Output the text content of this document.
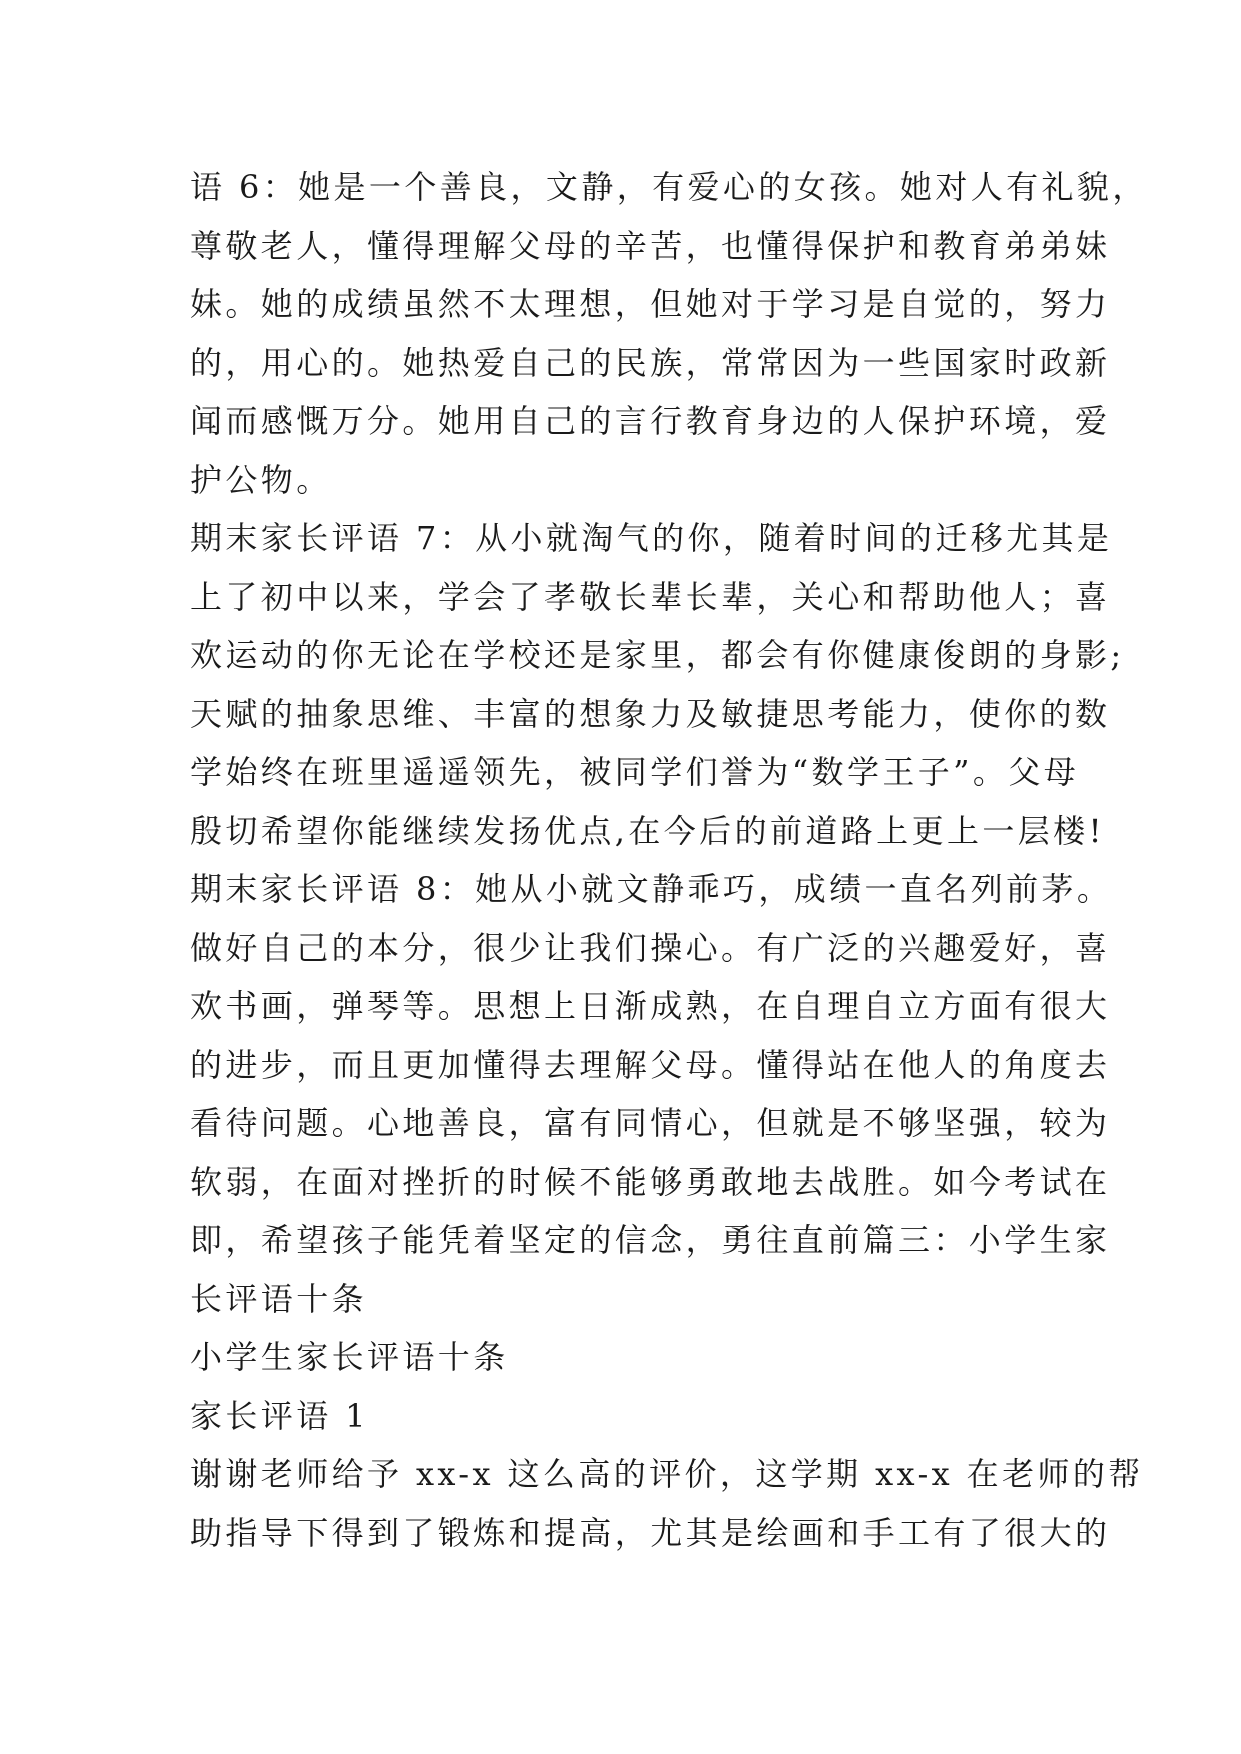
语 6：她是一个善良，文静，有爱心的女孩。她对人有礼貌，
尊敬老人，懂得理解父母的辛苦，也懂得保护和教育弟弟妹
妹。她的成绩虽然不太理想，但她对于学习是自觉的，努力
的，用心的。她热爱自己的民族，常常因为一些国家时政新
闻而感慨万分。她用自己的言行教育身边的人保护环境，爱
护公物。
期末家长评语 7：从小就淘气的你，随着时间的迁移尤其是
上了初中以来，学会了孝敬长辈长辈，关心和帮助他人；喜
欢运动的你无论在学校还是家里，都会有你健康俊朗的身影;
天赋的抽象思维、丰富的想象力及敏捷思考能力，使你的数
学始终在班里遥遥领先，被同学们誉为“数学王子”。父母
殷切希望你能继续发扬优点,在今后的前道路上更上一层楼!
期末家长评语 8：她从小就文静乖巧，成绩一直名列前茅。
做好自己的本分，很少让我们操心。有广泛的兴趣爱好，喜
欢书画，弹琴等。思想上日渐成熟，在自理自立方面有很大
的进步，而且更加懂得去理解父母。懂得站在他人的角度去
看待问题。心地善良，富有同情心，但就是不够坚强，较为
软弱，在面对挫折的时候不能够勇敢地去战胜。如今考试在
即，希望孩子能凭着坚定的信念，勇往直前篇三：小学生家
长评语十条
小学生家长评语十条
家长评语 1
谢谢老师给予 xx-x 这么高的评价，这学期 xx-x 在老师的帮
助指导下得到了锻炼和提高，尤其是绘画和手工有了很大的
